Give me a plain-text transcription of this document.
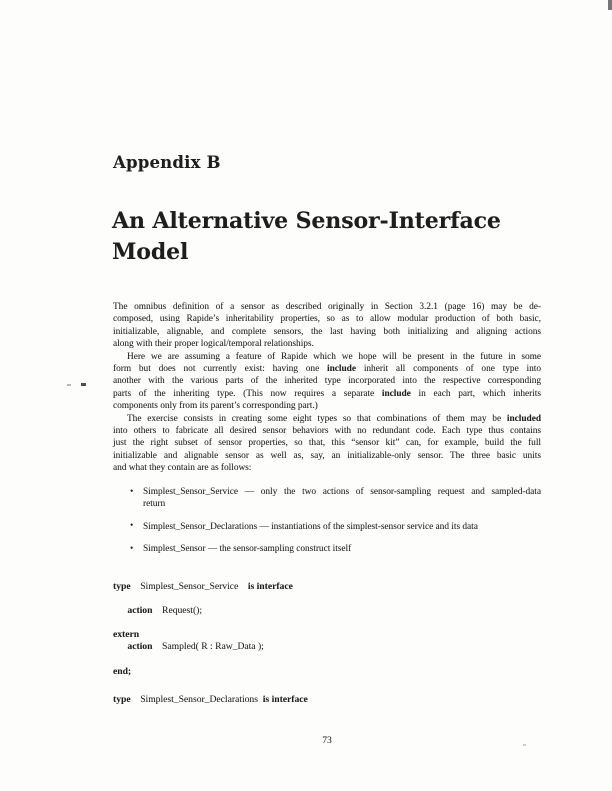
Appendix B
An Alternative Sensor-Interface
Model
The omnibus definition of a sensor as described originally in Section 3.2.1 (page 16) may be de-
composed, using Rapide’s inheritability properties, so as to allow modular production of both basic,
initializable, alignable, and complete sensors, the last having both initializing and aligning actions
along with their proper logical/temporal relationships.
Here we are assuming a feature of Rapide which we hope will be present in the future in some
form but does not currently exist: having one include inherit all components of one type into
another with the various parts of the inherited type incorporated into the respective corresponding
parts of the inheriting type. (This now requires a separate include in each part, which inherits
components only from its parent’s corresponding part.)
The exercise consists in creating some eight types so that combinations of them may be included
into others to fabricate all desired sensor behaviors with no redundant code. Each type thus contains
just the right subset of sensor properties, so that, this “sensor kit” can, for example, build the full
initializable and alignable sensor as well as, say, an initializable-only sensor. The three basic units
and what they contain are as follows:
• Simplest_Sensor_Service — only the two actions of sensor-sampling request and sampled-data
return
• Simplest_Sensor_Declarations — instantiations of the simplest-sensor service and its data
• Simplest_Sensor — the sensor-sampling construct itself
type Simplest_Sensor_Service is interface
action Request();
extern
action Sampled( R : Raw_Data );
end;
type Simplest_Sensor_Declarations is interface
73
